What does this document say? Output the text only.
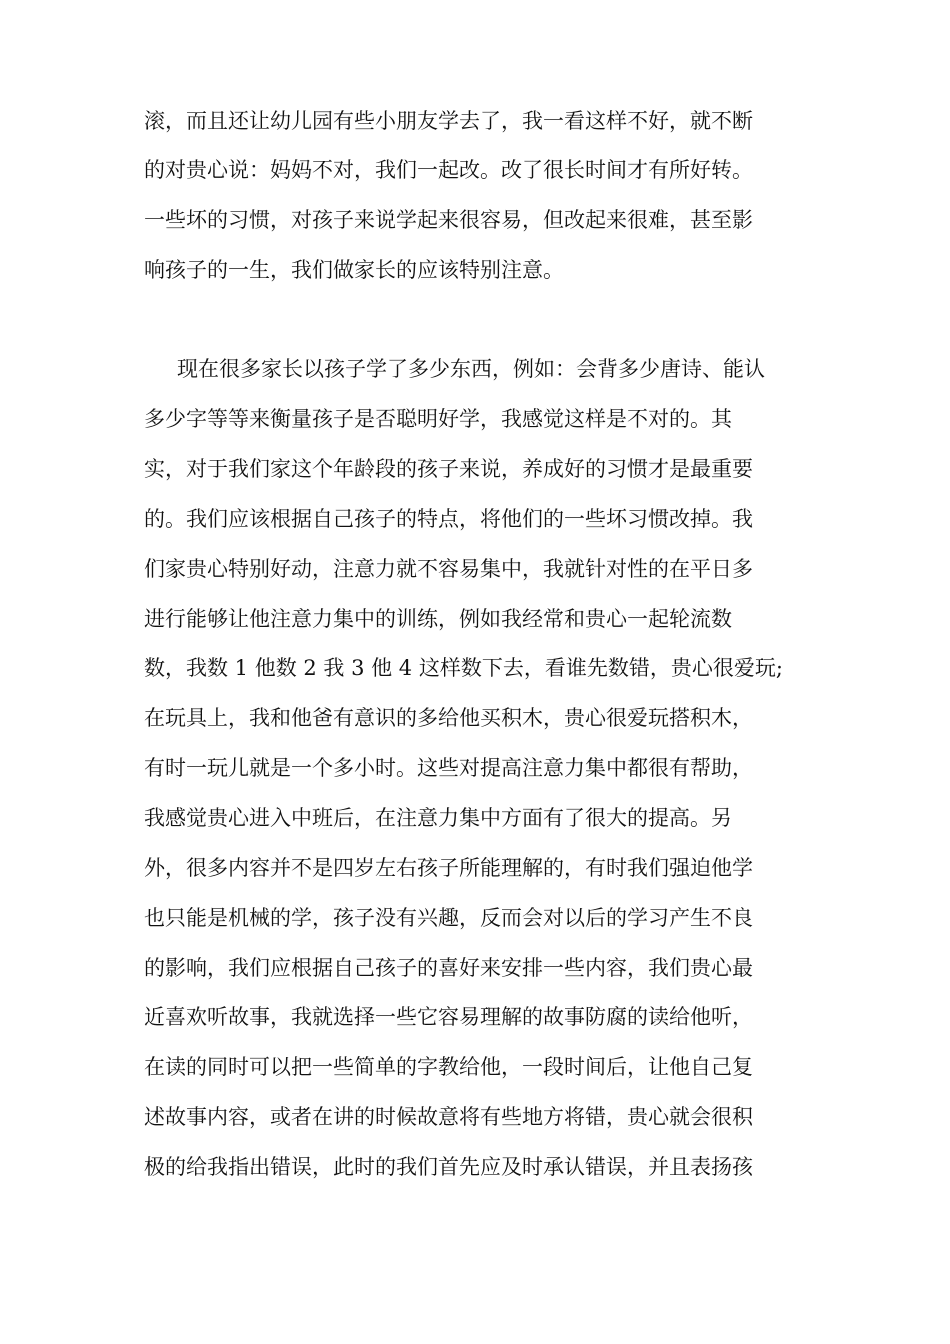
滚，而且还让幼儿园有些小朋友学去了，我一看这样不好，就不断
的对贵心说：妈妈不对，我们一起改。改了很长时间才有所好转。
一些坏的习惯，对孩子来说学起来很容易，但改起来很难，甚至影
响孩子的一生，我们做家长的应该特别注意。
现在很多家长以孩子学了多少东西，例如：会背多少唐诗、能认
多少字等等来衡量孩子是否聪明好学，我感觉这样是不对的。其
实，对于我们家这个年龄段的孩子来说，养成好的习惯才是最重要
的。我们应该根据自己孩子的特点，将他们的一些坏习惯改掉。我
们家贵心特别好动，注意力就不容易集中，我就针对性的在平日多
进行能够让他注意力集中的训练，例如我经常和贵心一起轮流数
数，我数 1 他数 2 我 3 他 4 这样数下去，看谁先数错，贵心很爱玩;
在玩具上，我和他爸有意识的多给他买积木，贵心很爱玩搭积木，
有时一玩儿就是一个多小时。这些对提高注意力集中都很有帮助，
我感觉贵心进入中班后，在注意力集中方面有了很大的提高。另
外，很多内容并不是四岁左右孩子所能理解的，有时我们强迫他学
也只能是机械的学，孩子没有兴趣，反而会对以后的学习产生不良
的影响，我们应根据自己孩子的喜好来安排一些内容，我们贵心最
近喜欢听故事，我就选择一些它容易理解的故事防腐的读给他听，
在读的同时可以把一些简单的字教给他，一段时间后，让他自己复
述故事内容，或者在讲的时候故意将有些地方将错，贵心就会很积
极的给我指出错误，此时的我们首先应及时承认错误，并且表扬孩
